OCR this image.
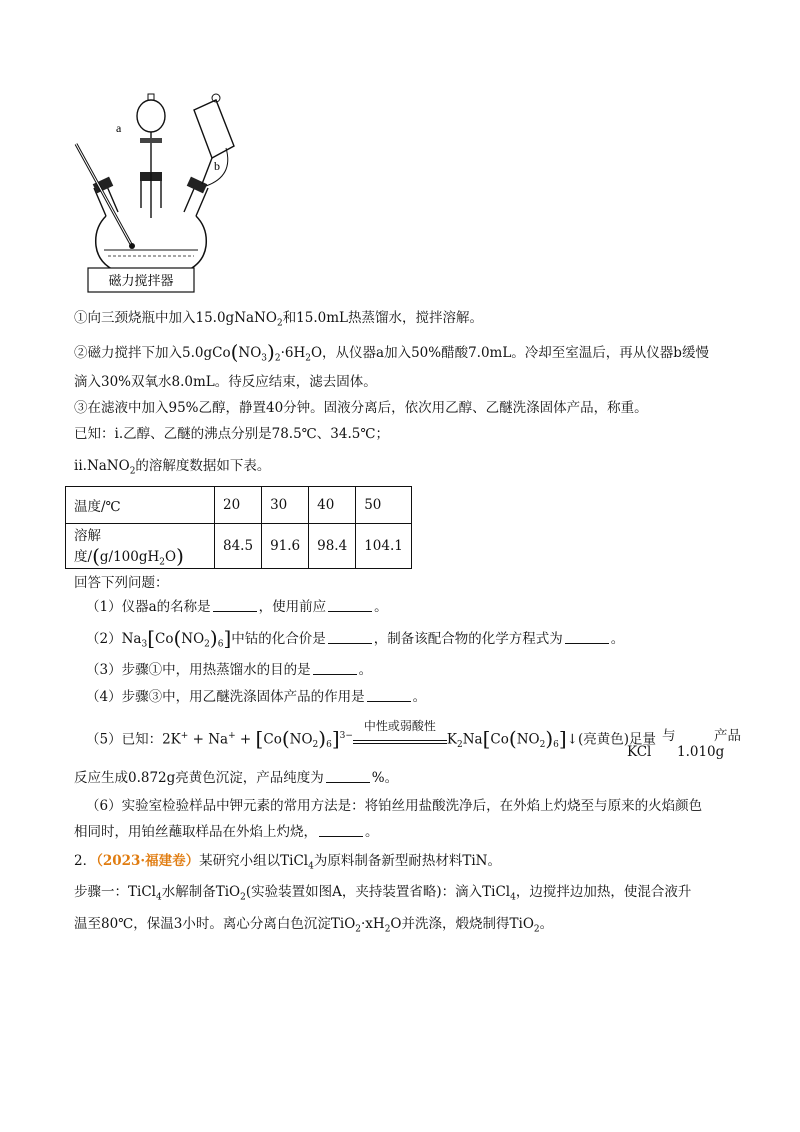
a
b
磁力搅拌器
①向三颈烧瓶中加入15.0gNaNO$_2$和15.0mL热蒸馏水，搅拌溶解。
②磁力搅拌下加入$5.0gCo(NO_3)_2\cdot 6H_2O$，从仪器a加入50%醋酸7.0mL。冷却至室温后，再从仪器b缓慢
滴入30%双氧水8.0mL。待反应结束，滤去固体。
③在滤液中加入95%乙醇，静置40分钟。固液分离后，依次用乙醇、乙醚洗涤固体产品，称重。
已知：i.乙醇、乙醚的沸点分别是78.5℃、34.5℃；
ii.NaNO$_2$的溶解度数据如下表。
温度/℃	20	30	40	50
溶解度$/(g/100gH_2O)$	84.5	91.6	98.4	104.1
回答下列问题：
（1）仪器a的名称是	，使用前应	。
$(2)Na_3[Co(NO_2)_6]$中钴的化合价是	，制备该配合物的化学方程式为	。
（3）步骤①中，用热蒸馏水的目的是	。
（4）步骤③中，用乙醚洗涤固体产品的作用是	。
（5）已知：$2K^+ + Na^+ + [Co(NO_2)_6]^{3-}$
中性或弱酸性
$K_2Na[Co(NO_2)_6]↓$(亮黄色)足量
KCl
与
1.010g
产品
反应生成0.872g亮黄色沉淀，产品纯度为	%。
（6）实验室检验样品中钾元素的常用方法是：将铂丝用盐酸洗净后，在外焰上灼烧至与原来的火焰颜色
相同时，用铂丝蘸取样品在外焰上灼烧，	。
2．（2023·福建卷）某研究小组以TiCl$_4$为原料制备新型耐热材料TiN。
步骤一：TiCl$_4$水解制备TiO$_2$(实验装置如图A，夹持装置省略)：滴入TiCl$_4$，边搅拌边加热，使混合液升
温至80℃，保温3小时。离心分离白色沉淀$TiO_2\cdot xH_2O$并洗涤，煅烧制得TiO$_2$。
